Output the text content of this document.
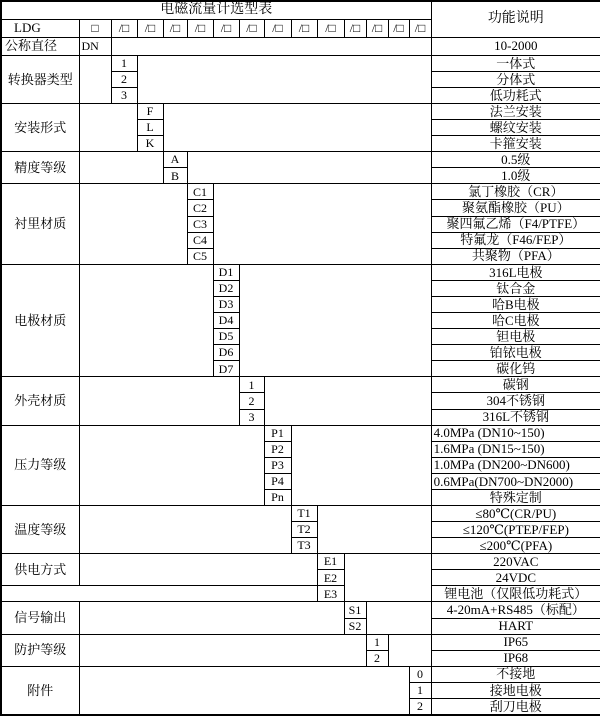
电磁流量计选型表															功能说明
LDG	□	/□	/□	/□	/□	/□	/□	/□	/□	/□	/□	/□	/□	/□	
公称直径	DN														10-2000
转换器类型		1													一体式
		2													分体式
		3													低功耗式
安装形式			F												法兰安装
			L												螺纹安装
			K												卡箍安装
精度等级				A											0.5级
				B											1.0级
衬里材质					C1										氯丁橡胶（CR）
					C2										聚氨酯橡胶（PU）
					C3										聚四氟乙烯（F4/PTFE）
					C4										特氟龙（F46/FEP）
					C5										共聚物（PFA）
电极材质						D1									316L电极
						D2									钛合金
						D3									哈B电极
						D4									哈C电极
						D5									钽电极
						D6									铂铱电极
						D7									碳化钨
外壳材质							1								碳钢
							2								304不锈钢
							3								316L不锈钢
压力等级								P1							4.0MPa (DN10~150)
								P2							1.6MPa (DN15~150)
								P3							1.0MPa (DN200~DN600)
								P4							0.6MPa(DN700~DN2000)
								Pn							特殊定制
温度等级									T1						≤80℃(CR/PU)
									T2						≤120℃(PTEP/FEP)
									T3						≤200℃(PFA)
供电方式										E1					220VAC
										E2					24VDC
										E3					锂电池（仅限低功耗式）
信号输出											S1				4-20mA+RS485（标配）
											S2				HART
防护等级												1			IP65
												2			IP68
附件														0	不接地
														1	接地电极
														2	刮刀电极
